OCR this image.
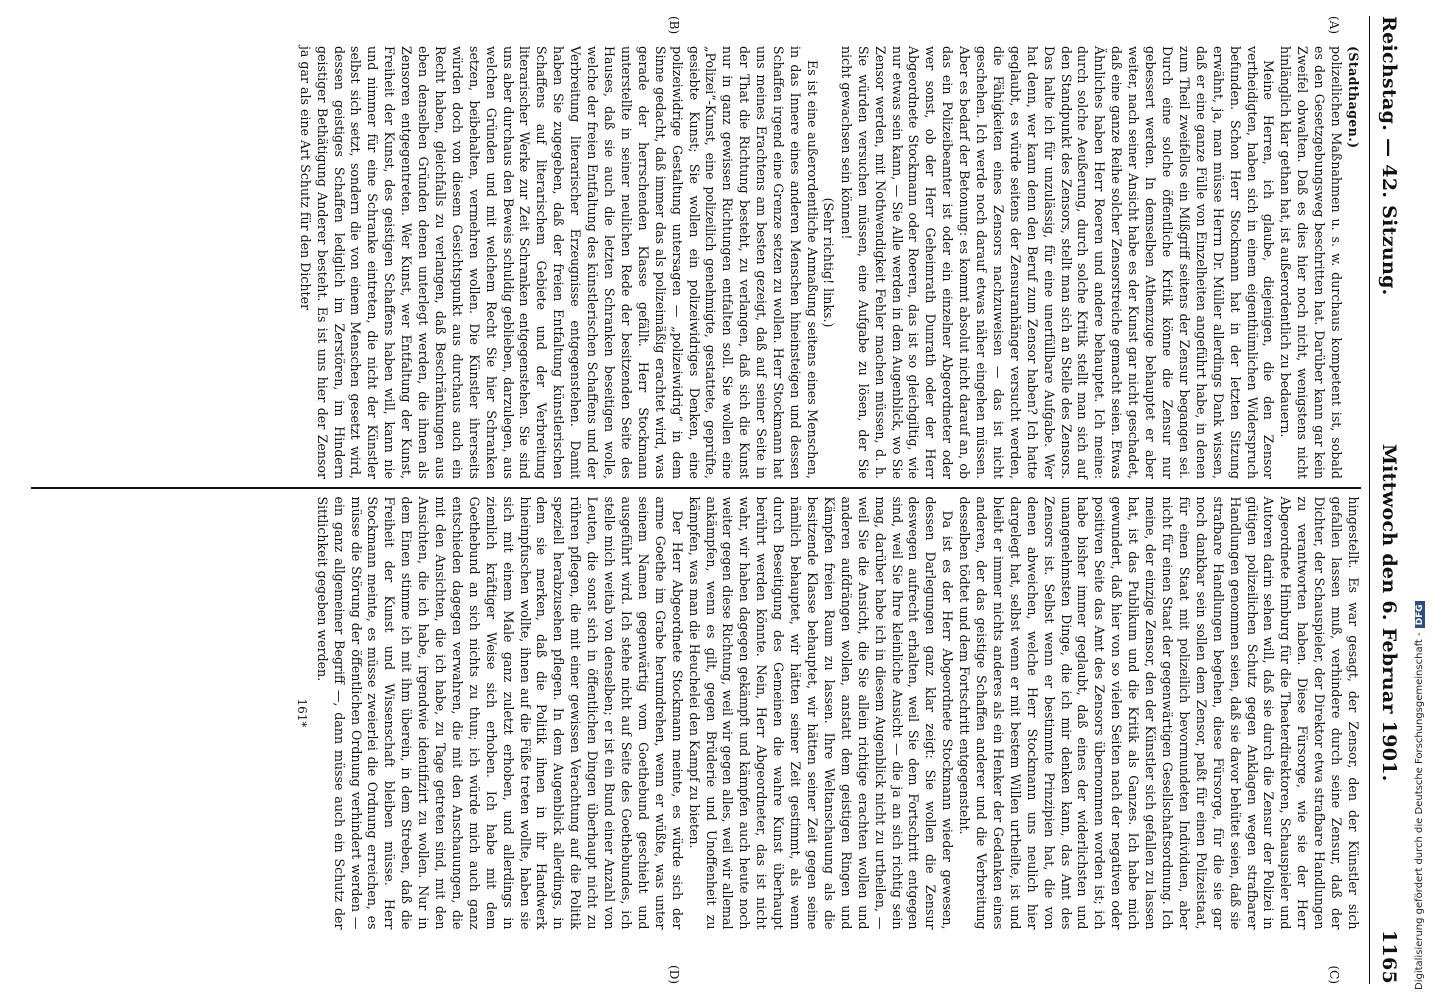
Reichstag. — 42. Sitzung.
Mittwoch den 6. Februar 1901.
1165
(A)
(B)
(C)
(D)

(Stadthagen.)

polizeilichen Maßnahmen u. s. w. durchaus kompetent ist, sobald es den Gesetzgebungsweg beschritten hat. Darüber kann gar kein Zweifel obwalten. Daß es dies hier noch nicht, wenigstens nicht hinlänglich klar gethan hat, ist außerordentlich zu bedauern.

Meine Herren, ich glaube, diejenigen, die den Zensor vertheidigten, haben sich in einem eigenthümlichen Widerspruch befunden. Schon Herr Stockmann hat in der letzten Sitzung erwähnt, ja, man müsse Herrn Dr. Müller allerdings Dank wissen, daß er eine ganze Fülle von Einzelheiten angeführt habe, in denen zum Theil zweifellos ein Mißgriff seitens der Zensur begangen sei. Durch eine solche öffentliche Kritik könne die Zensur nur gebessert werden. In demselben Athemzuge behauptet er aber weiter, nach seiner Ansicht habe es der Kunst gar nicht geschadet, daß eine ganze Reihe solcher Zensorstreiche gemacht seien. Etwas Ähnliches haben Herr Roeren und andere behauptet. Ich meine: durch solche Aeußerung, durch solche Kritik stellt man sich auf den Standpunkt des Zensors, stellt man sich an Stelle des Zensors. Das halte ich für unzulässig, für eine unerfüllbare Aufgabe. Wer hat denn, wer kann denn den Beruf zum Zensor haben? Ich hatte geglaubt, es würde seitens der Zensuranhänger versucht werden, die Fähigkeiten eines Zensors nachzuweisen — das ist nicht geschehen. Ich werde noch darauf etwas näher eingehen müssen. Aber es bedarf der Betonung: es kommt absolut nicht darauf an, ob das ein Polizeibeamter ist oder ein einzelner Abgeordneter oder wer sonst, ob der Herr Geheimrath Dunrath oder der Herr Abgeordnete Stockmann oder Roeren, das ist so gleichgiltig, wie nur etwas sein kann, — Sie Alle werden in dem Augenblick, wo Sie Zensor werden, mit Nothwendigkeit Fehler machen müssen, d. h. Sie würden versuchen müssen, eine Aufgabe zu lösen, der Sie nicht gewachsen sein können!

(Sehr richtig! links.)

Es ist eine außerordentliche Anmaßung seitens eines Menschen, in das Innere eines anderen Menschen hineinsteigen und dessen Schaffen irgend eine Grenze setzen zu wollen. Herr Stockmann hat uns meines Erachtens am besten gezeigt, daß auf seiner Seite in der That die Richtung besteht, zu verlangen, daß sich die Kunst nur in ganz gewissen Richtungen entfalten soll. Sie wollen eine „Polizei“-Kunst, eine polizeilich genehmigte, gestattete, geprüfte, gesiebte Kunst; Sie wollen ein polizeiwidriges Denken, eine polizeiwidrige Gestaltung untersagen — „polizeiwidrig“ in dem Sinne gedacht, daß immer das als polizeimäßig erachtet wird, was gerade der herrschenden Klasse gefällt. Herr Stockmann unterstellte in seiner neulichen Rede der besitzenden Seite des Hauses, daß sie auch die letzten Schranken beseitigen wolle, welche der freien Entfaltung des künstlerischen Schaffens und der Verbreitung literarischer Erzeugnisse entgegenstehen. Damit haben Sie zugegeben, daß der freien Entfaltung künstlerischen Schaffens auf literarischem Gebiete und der Verbreitung literarischer Werke zur Zeit Schranken entgegenstehen. Sie sind uns aber durchaus den Beweis schuldig geblieben, darzulegen, aus welchen Gründen und mit welchem Recht Sie hier Schranken setzen, beibehalten, vermehren wollen. Die Künstler ihrerseits würden doch von diesem Gesichtspunkt aus durchaus auch ein Recht haben, gleichfalls zu verlangen, daß Beschränkungen aus eben denselben Gründen denen unterlegt werden, die ihnen als Zensoren entgegentreten. Wer Kunst, wer Entfaltung der Kunst, Freiheit der Kunst, des geistigen Schaffens haben will, kann nie und nimmer für eine Schranke eintreten, die nicht der Künstler selbst sich setzt, sondern die von einem Menschen gesetzt wird, dessen geistiges Schaffen lediglich im Zerstören, im Hindern geistiger Bethätigung Anderer besteht. Es ist uns hier der Zensor ja gar als eine Art Schutz für den Dichter

hingestellt. Es war gesagt, der Zensor, den der Künstler sich gefallen lassen muß, verhindere durch seine Zensur, daß der Dichter, der Schauspieler, der Direktor etwa strafbare Handlungen zu verantworten haben. Diese Fürsorge, wie sie der Herr Abgeordnete Himburg für die Theaterdirektoren, Schauspieler und Autoren darin sehen will, daß sie durch die Zensur der Polizei in gütigen polizeilichen Schutz gegen Anklagen wegen strafbarer Handlungen genommen seien, daß sie davor behütet seien, daß sie strafbare Handlungen begehen, diese Fürsorge, für die sie gar noch dankbar sein sollen dem Zensor, paßt für einen Polizeistaat, für einen Staat mit polizeilich bevormundeten Individuen, aber nicht für einen Staat der gegenwärtigen Gesellschaftsordnung. Ich meine, der einzige Zensor, den der Künstler sich gefallen zu lassen hat, ist das Publikum und die Kritik als Ganzes. Ich habe mich gewundert, daß hier von so vielen Seiten nach der negativen oder positiven Seite das Amt des Zensors übernommen worden ist; ich habe bisher immer geglaubt, daß eines der widerlichsten und unangenehmsten Dinge, die ich mir denken kann, das Amt des Zensors ist. Selbst wenn er bestimmte Prinzipien hat, die von denen abweichen, welche Herr Stockmann uns neulich hier dargelegt hat, selbst wenn er mit bestem Willen urtheilte, ist und bleibt er immer nichts anderes als ein Henker der Gedanken eines anderen, der das geistige Schaffen anderer und die Verbreitung desselben tödtet und dem Fortschritt entgegensteht.

Da ist es der Herr Abgeordnete Stockmann wieder gewesen, dessen Darlegungen ganz klar zeigt: Sie wollen die Zensur deswegen aufrecht erhalten, weil Sie dem Fortschritt entgegen sind, weil Sie Ihre kleinliche Ansicht — die ja an sich richtig sein mag, darüber habe ich in diesem Augenblick nicht zu urtheilen, — weil Sie die Ansicht, die Sie allein richtige erachten wollen und anderen aufdrängen wollen, anstatt dem geistigen Ringen und Kämpfen freien Raum zu lassen. Ihre Weltanschauung als die besitzende Klasse behauptet, wir hätten seiner Zeit gegen seine nämlich behauptet, wir hätten seiner Zeit gestimmt, als wenn durch Beseitigung des Gemeinen die wahre Kunst überhaupt berührt werden könnte. Nein, Herr Abgeordneter, das ist nicht wahr, wir haben dagegen gekämpft und kämpfen auch heute noch weiter gegen diese Richtung, weil wir gegen alles, weil wir allemal ankämpfen, wenn es gilt, gegen Brüderie und Unoffenheit zu kämpfen, was man die Heuchelei den Kampf zu bieten.

Der Herr Abgeordnete Stockmann meinte, es würde sich der arme Goethe im Grabe herumdrehen, wenn er wüßte, was unter seinem Namen gegenwärtig vom Goethebund geschieht und ausgeführt wird. Ich stehe nicht auf Seite des Goethebundes, ich stelle mich weitab von denselben; er ist ein Bund einer Anzahl von Leuten, die sonst sich in öffentlichen Dingen überhaupt nicht zu rühren pflegen, die mit einer gewissen Verachtung auf die Politik speziell herabzusehen pflegen. In dem Augenblick allerdings, in dem sie merken, daß die Politik ihnen in ihr Handwerk hineinpfuschen wollte, ihnen auf die Füße treten wollte, haben sie sich mit einem Male ganz zuletzt erhoben, und allerdings in ziemlich kräftiger Weise sich erhoben. Ich habe mit dem Goethebund an sich nichts zu thun; ich würde mich auch ganz entschieden dagegen verwahren, die mit den Anschauungen, die mit den Ansichten, die ich habe, zu Tage getreten sind, mit den Ansichten, die ich habe, irgendwie identifizirt zu wollen. Nur in dem Einen stimme ich mit ihm überein, in dem Streben, daß die Freiheit der Kunst und Wissenschaft bleiben müsse. Herr Stockmann meinte, es müsse zweierlei die Ordnung erreichen, es müsse die Störung der öffentlichen Ordnung verhindert werden — ein ganz allgemeiner Begriff —, dann müsse auch ein Schutz der Sittlichkeit gegeben werden.

161*	Digitalisierung gefördert durch die Deutsche Forschungsgemeinschaft -
DFG
